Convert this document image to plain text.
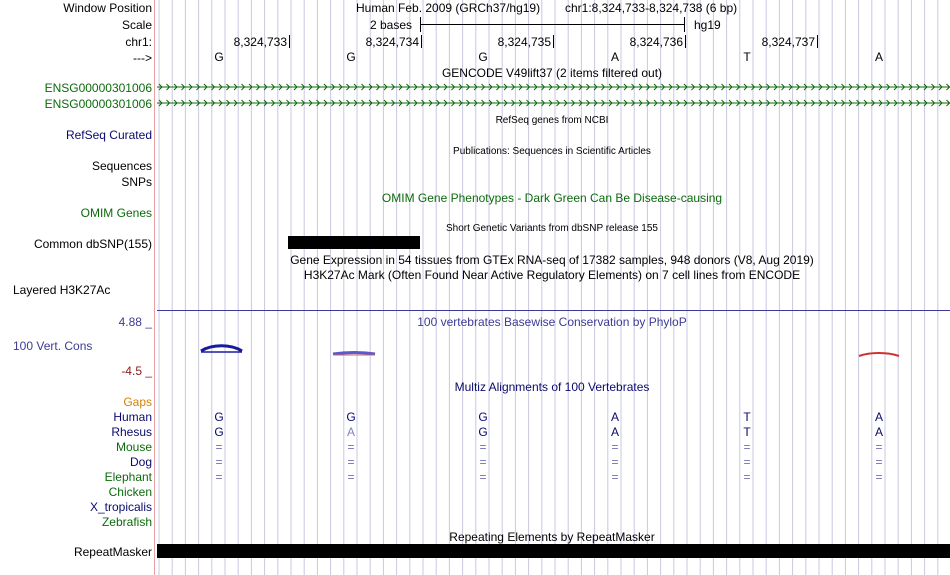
Window Position
Scale
chr1:
--->
ENSG00000301006
ENSG00000301006
RefSeq Curated
Sequences
SNPs
OMIM Genes
Common dbSNP(155)
Layered H3K27Ac
4.88 _
100 Vert. Cons
-4.5 _
Gaps
Human
Rhesus
Mouse
Dog
Elephant
Chicken
X_tropicalis
Zebrafish
RepeatMasker
Human Feb. 2009 (GRCh37/hg19) chr1:8,324,733-8,324,738 (6 bp)
2 bases	hg19
8,324,733	8,324,734	8,324,735	8,324,736	8,324,737
G	G	G	A	T	A
GENCODE V49lift37 (2 items filtered out)
RefSeq genes from NCBI
Publications: Sequences in Scientific Articles
OMIM Gene Phenotypes - Dark Green Can Be Disease-causing
Short Genetic Variants from dbSNP release 155
Gene Expression in 54 tissues from GTEx RNA-seq of 17382 samples, 948 donors (V8, Aug 2019)
H3K27Ac Mark (Often Found Near Active Regulatory Elements) on 7 cell lines from ENCODE
100 vertebrates Basewise Conservation by PhyloP
Multiz Alignments of 100 Vertebrates
G	G	G	A	T	A
G	A	G	A	T	A
=	=	=	=	=	=
=	=	=	=	=	=
=	=	=	=	=	=
Repeating Elements by RepeatMasker
